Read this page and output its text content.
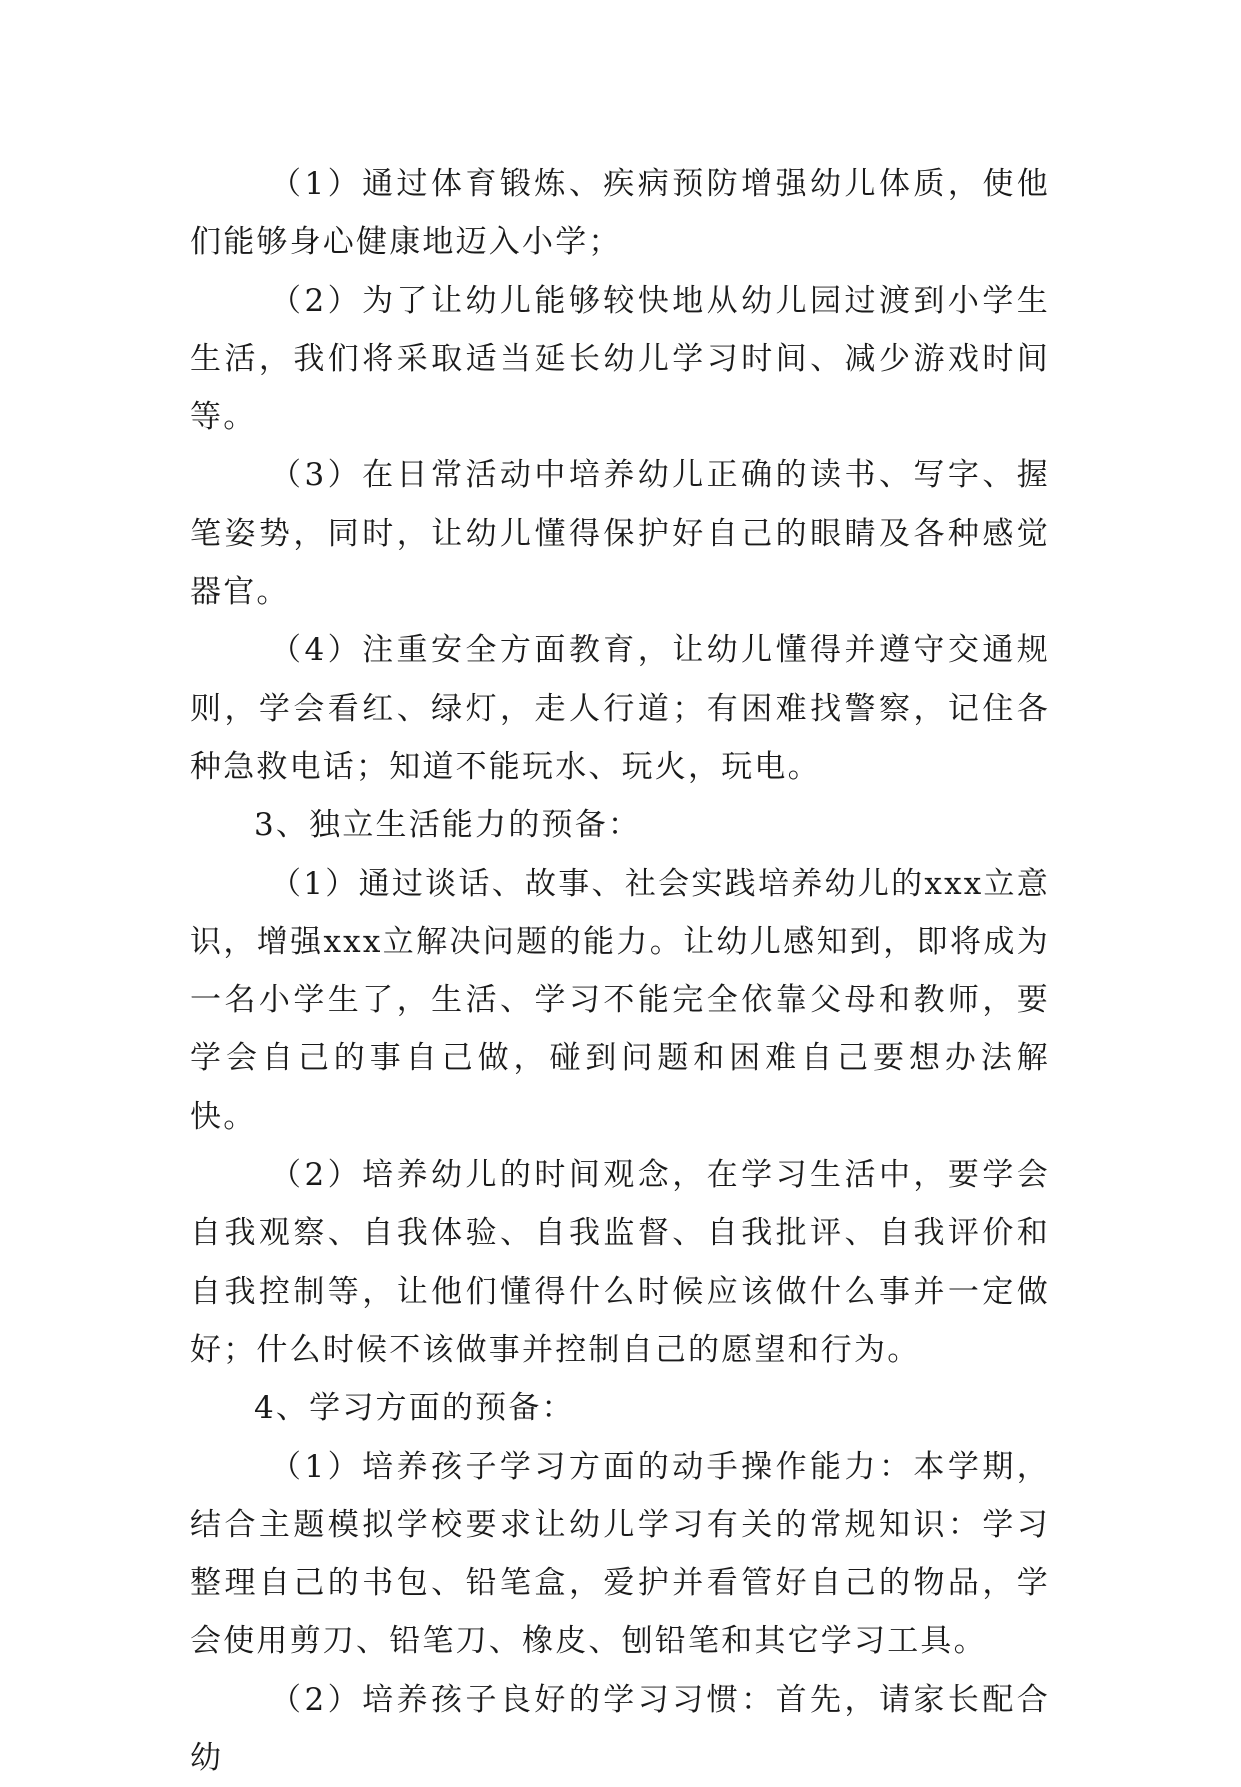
（1）通过体育锻炼、疾病预防增强幼儿体质，使他们能够身心健康地迈入小学；

（2）为了让幼儿能够较快地从幼儿园过渡到小学生生活，我们将采取适当延长幼儿学习时间、减少游戏时间等。

（3）在日常活动中培养幼儿正确的读书、写字、握笔姿势，同时，让幼儿懂得保护好自己的眼睛及各种感觉器官。

（4）注重安全方面教育，让幼儿懂得并遵守交通规则，学会看红、绿灯，走人行道；有困难找警察，记住各种急救电话；知道不能玩水、玩火，玩电。

3、独立生活能力的预备：

（1）通过谈话、故事、社会实践培养幼儿的xxx立意识，增强xxx立解决问题的能力。让幼儿感知到，即将成为一名小学生了，生活、学习不能完全依靠父母和教师，要学会自己的事自己做，碰到问题和困难自己要想办法解快。

（2）培养幼儿的时间观念，在学习生活中，要学会自我观察、自我体验、自我监督、自我批评、自我评价和自我控制等，让他们懂得什么时候应该做什么事并一定做好；什么时候不该做事并控制自己的愿望和行为。

4、学习方面的预备：

（1）培养孩子学习方面的动手操作能力：本学期，结合主题模拟学校要求让幼儿学习有关的常规知识：学习整理自己的书包、铅笔盒，爱护并看管好自己的物品，学会使用剪刀、铅笔刀、橡皮、刨铅笔和其它学习工具。

（2）培养孩子良好的学习习惯：首先，请家长配合幼
